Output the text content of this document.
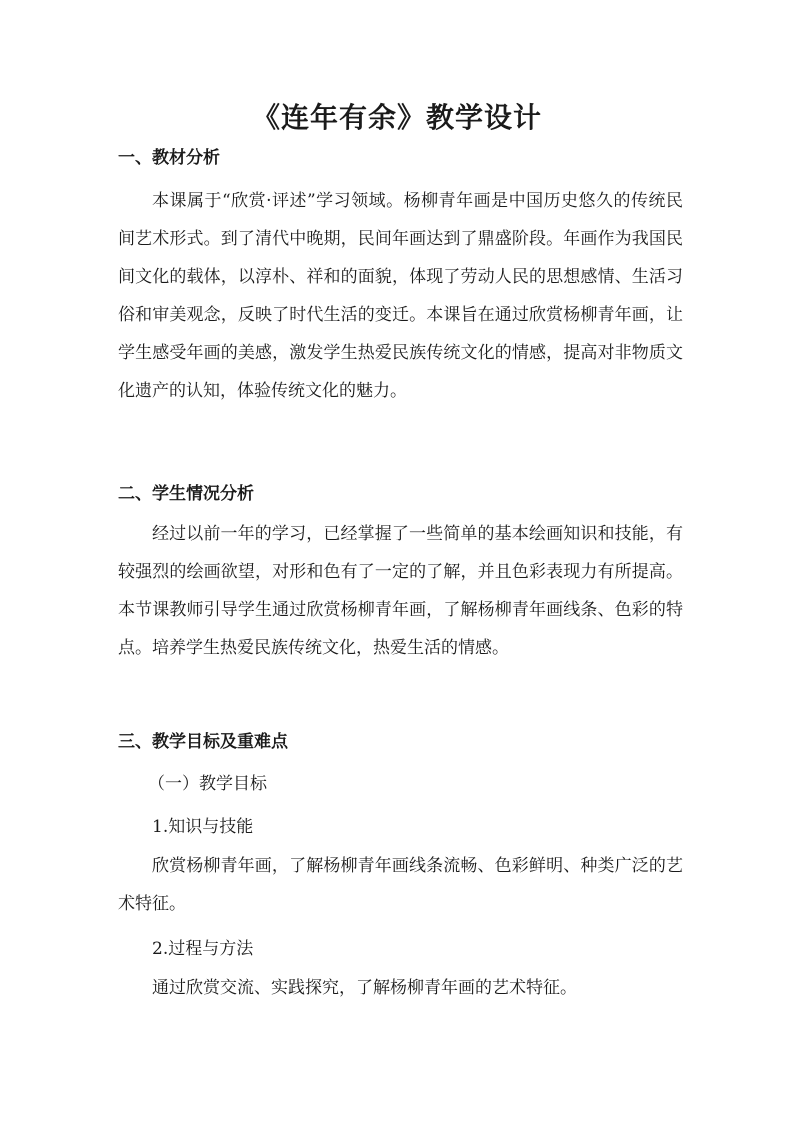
《连年有余》教学设计
一、教材分析
本课属于“欣赏·评述”学习领域。杨柳青年画是中国历史悠久的传统民间艺术形式。到了清代中晚期，民间年画达到了鼎盛阶段。年画作为我国民间文化的载体，以淳朴、祥和的面貌，体现了劳动人民的思想感情、生活习俗和审美观念，反映了时代生活的变迁。本课旨在通过欣赏杨柳青年画，让学生感受年画的美感，激发学生热爱民族传统文化的情感，提高对非物质文化遗产的认知，体验传统文化的魅力。
二、学生情况分析
经过以前一年的学习，已经掌握了一些简单的基本绘画知识和技能，有较强烈的绘画欲望，对形和色有了一定的了解，并且色彩表现力有所提高。本节课教师引导学生通过欣赏杨柳青年画，了解杨柳青年画线条、色彩的特点。培养学生热爱民族传统文化，热爱生活的情感。
三、教学目标及重难点
（一）教学目标
1.知识与技能
欣赏杨柳青年画，了解杨柳青年画线条流畅、色彩鲜明、种类广泛的艺术特征。
2.过程与方法
通过欣赏交流、实践探究，了解杨柳青年画的艺术特征。
